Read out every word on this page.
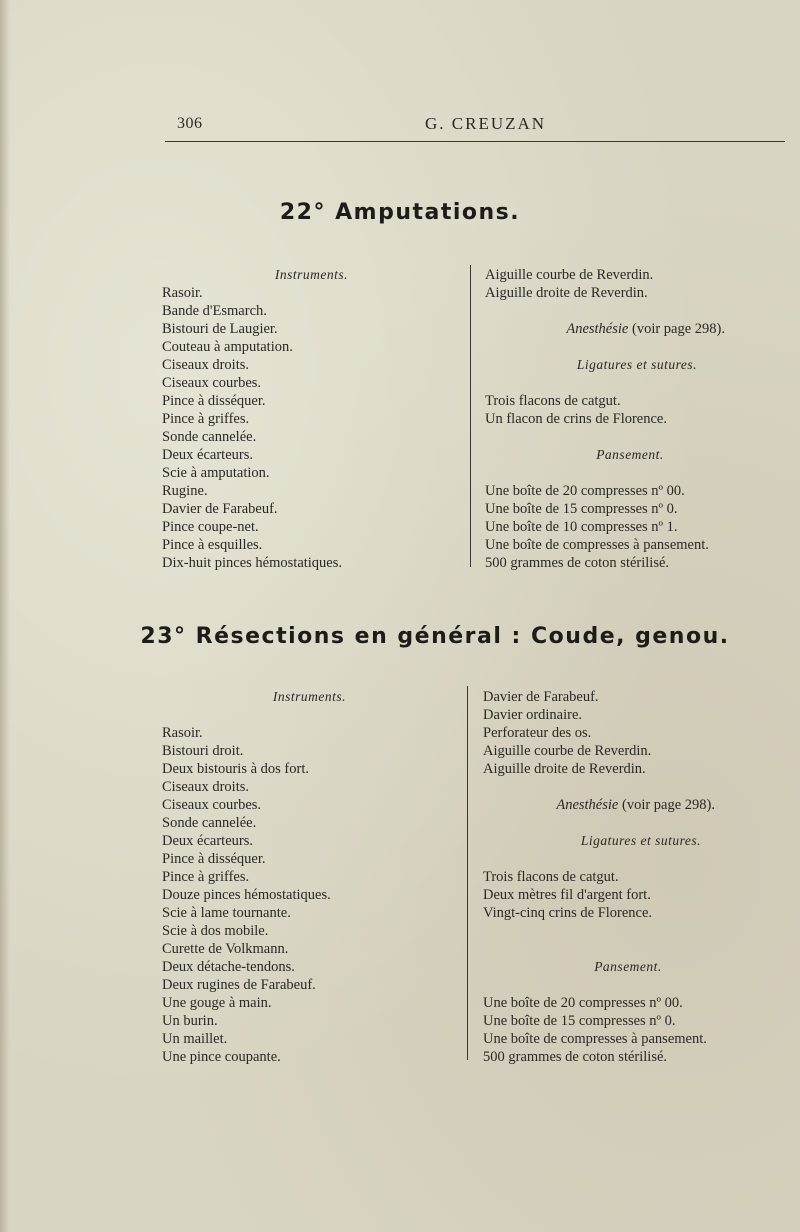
306	G. CREUZAN
22° Amputations.
Instruments.
Rasoir.
Bande d'Esmarch.
Bistouri de Laugier.
Couteau à amputation.
Ciseaux droits.
Ciseaux courbes.
Pince à disséquer.
Pince à griffes.
Sonde cannelée.
Deux écarteurs.
Scie à amputation.
Rugine.
Davier de Farabeuf.
Pince coupe-net.
Pince à esquilles.
Dix-huit pinces hémostatiques.
Aiguille courbe de Reverdin.
Aiguille droite de Reverdin.
Anesthésie (voir page 298).
Ligatures et sutures.
Trois flacons de catgut.
Un flacon de crins de Florence.
Pansement.
Une boîte de 20 compresses nº 00.
Une boîte de 15 compresses nº 0.
Une boîte de 10 compresses nº 1.
Une boîte de compresses à pansement.
500 grammes de coton stérilisé.
23° Résections en général : Coude, genou.
Instruments.
Rasoir.
Bistouri droit.
Deux bistouris à dos fort.
Ciseaux droits.
Ciseaux courbes.
Sonde cannelée.
Deux écarteurs.
Pince à disséquer.
Pince à griffes.
Douze pinces hémostatiques.
Scie à lame tournante.
Scie à dos mobile.
Curette de Volkmann.
Deux détache-tendons.
Deux rugines de Farabeuf.
Une gouge à main.
Un burin.
Un maillet.
Une pince coupante.
Davier de Farabeuf.
Davier ordinaire.
Perforateur des os.
Aiguille courbe de Reverdin.
Aiguille droite de Reverdin.
Anesthésie (voir page 298).
Ligatures et sutures.
Trois flacons de catgut.
Deux mètres fil d'argent fort.
Vingt-cinq crins de Florence.
Pansement.
Une boîte de 20 compresses nº 00.
Une boîte de 15 compresses nº 0.
Une boîte de compresses à pansement.
500 grammes de coton stérilisé.
